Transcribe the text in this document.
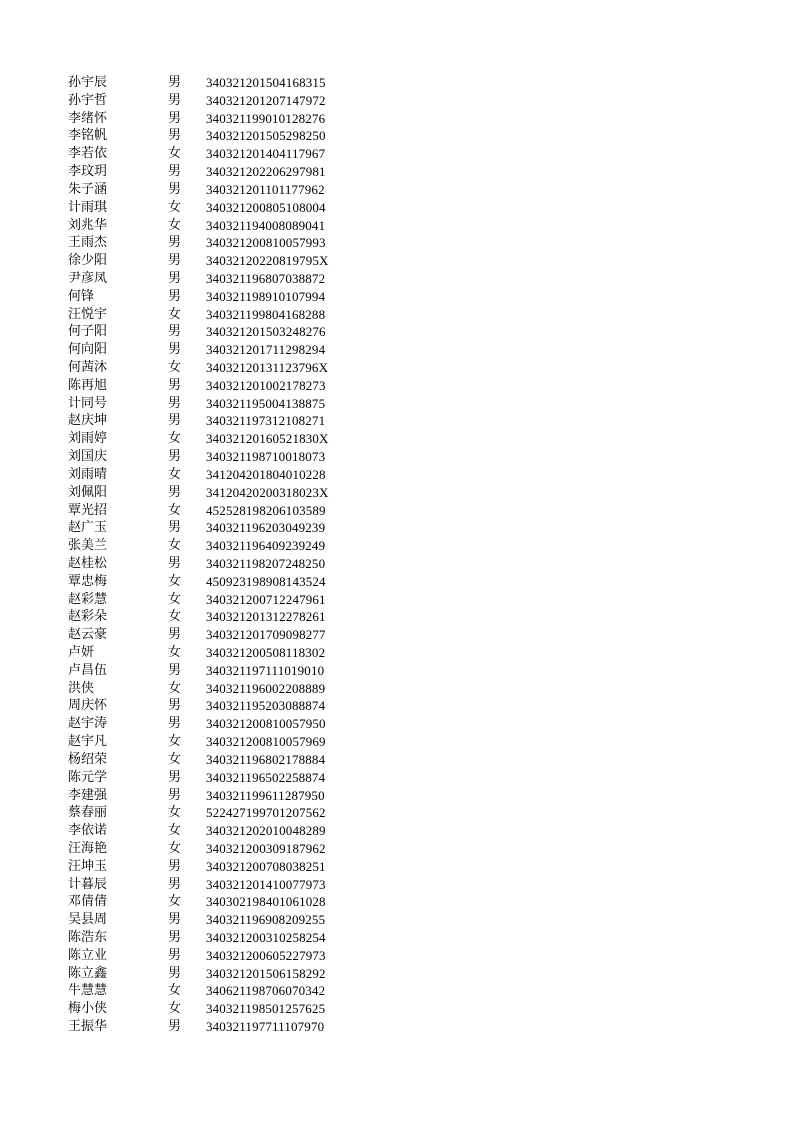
孙宇辰	男	340321201504168315
孙宇哲	男	340321201207147972
李绪怀	男	340321199010128276
李铭帆	男	340321201505298250
李若依	女	340321201404117967
李玟玥	男	340321202206297981
朱子涵	男	340321201101177962
计雨琪	女	340321200805108004
刘兆华	女	340321194008089041
王雨杰	男	340321200810057993
徐少阳	男	34032120220819795X
尹彦凤	男	340321196807038872
何锋	男	340321198910107994
汪悦宇	女	340321199804168288
何子阳	男	340321201503248276
何向阳	男	340321201711298294
何茜沐	女	34032120131123796X
陈再旭	男	340321201002178273
计同号	男	340321195004138875
赵庆坤	男	340321197312108271
刘雨婷	女	34032120160521830X
刘国庆	男	340321198710018073
刘雨晴	女	341204201804010228
刘佩阳	男	34120420200318023X
覃光招	女	452528198206103589
赵广玉	男	340321196203049239
张美兰	女	340321196409239249
赵桂松	男	340321198207248250
覃忠梅	女	450923198908143524
赵彩慧	女	340321200712247961
赵彩朵	女	340321201312278261
赵云豪	男	340321201709098277
卢妍	女	340321200508118302
卢昌伍	男	340321197111019010
洪侠	女	340321196002208889
周庆怀	男	340321195203088874
赵宇涛	男	340321200810057950
赵宇凡	女	340321200810057969
杨绍荣	女	340321196802178884
陈元学	男	340321196502258874
李建强	男	340321199611287950
蔡春丽	女	522427199701207562
李依诺	女	340321202010048289
汪海艳	女	340321200309187962
汪坤玉	男	340321200708038251
计暮辰	男	340321201410077973
邓倩倩	女	340302198401061028
吴县周	男	340321196908209255
陈浩东	男	340321200310258254
陈立业	男	340321200605227973
陈立鑫	男	340321201506158292
牛慧慧	女	340621198706070342
梅小侠	女	340321198501257625
王振华	男	340321197711107970
